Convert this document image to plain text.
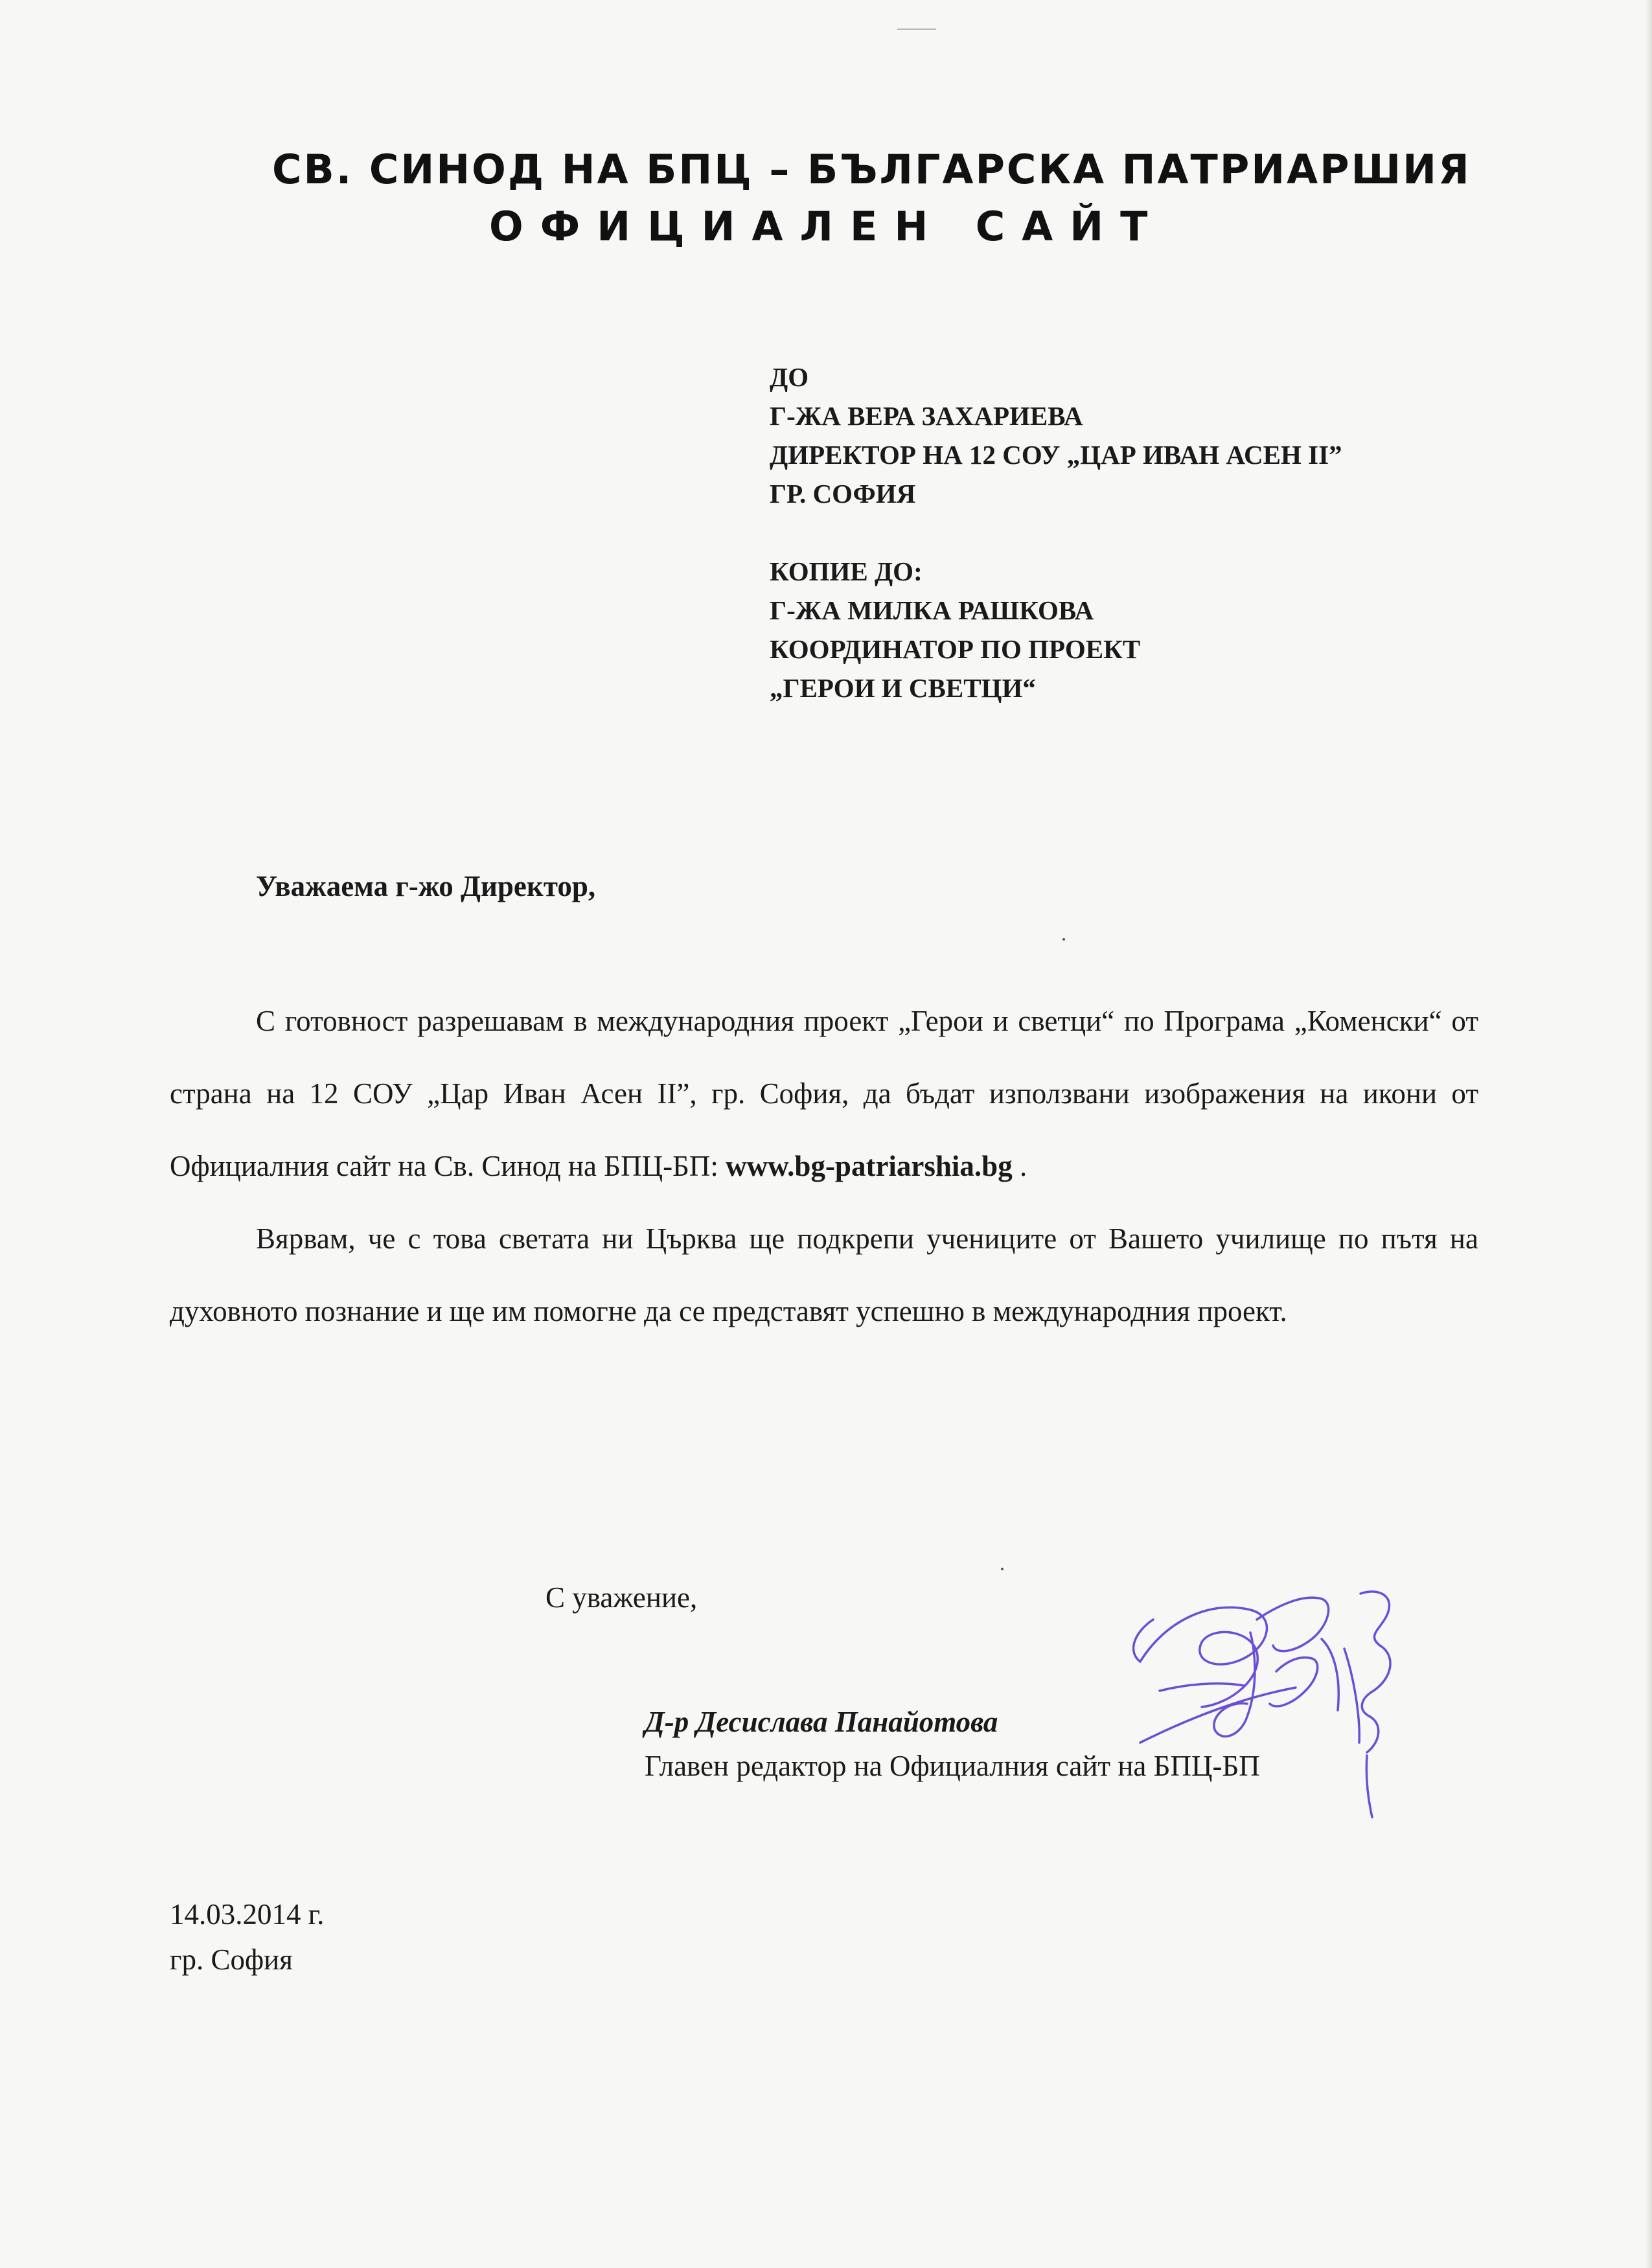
СВ. СИНОД НА БПЦ – БЪЛГАРСКА ПАТРИАРШИЯ
ОФИЦИАЛЕН САЙТ
ДО
Г-ЖА ВЕРА ЗАХАРИЕВА
ДИРЕКТОР НА 12 СОУ „ЦАР ИВАН АСЕН II”
ГР. СОФИЯ
КОПИЕ ДО:
Г-ЖА МИЛКА РАШКОВА
КООРДИНАТОР ПО ПРОЕКТ
„ГЕРОИ И СВЕТЦИ“
Уважаема г-жо Директор,

С готовност разрешавам в международния проект „Герои и светци“ по Програма „Коменски“ от страна на 12 СОУ „Цар Иван Асен II”, гр. София, да бъдат използвани изображения на икони от Официалния сайт на Св. Синод на БПЦ-БП: www.bg-patriarshia.bg .

Вярвам, че с това светата ни Църква ще подкрепи учениците от Вашето училище по пътя на духовното познание и ще им помогне да се представят успешно в международния проект.

С уважение,
Д-р Десислава Панайотова
Главен редактор на Официалния сайт на БПЦ-БП
14.03.2014 г.
гр. София
